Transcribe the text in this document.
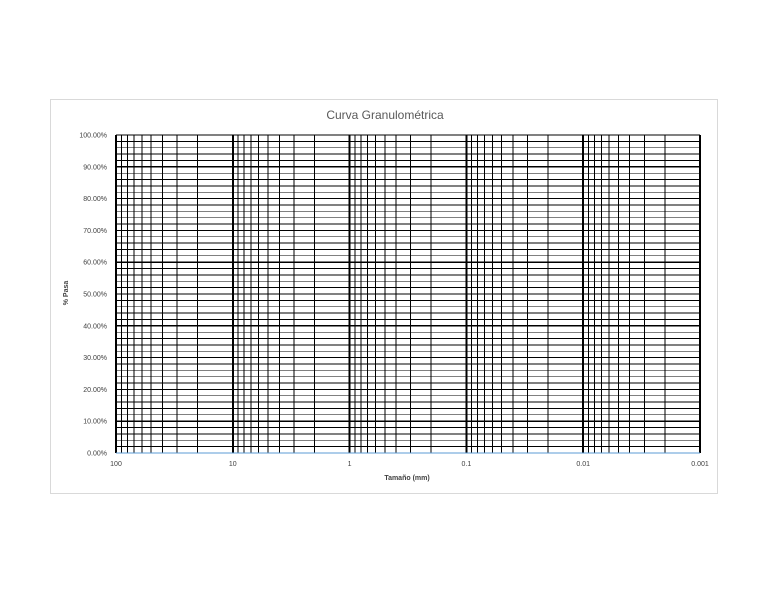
Curva Granulométrica
0.00%
10.00%
20.00%
30.00%
40.00%
50.00%
60.00%
70.00%
80.00%
90.00%
100.00%
100	10	1	0.1	0.01	0.001
Tamaño (mm)
% Pasa
